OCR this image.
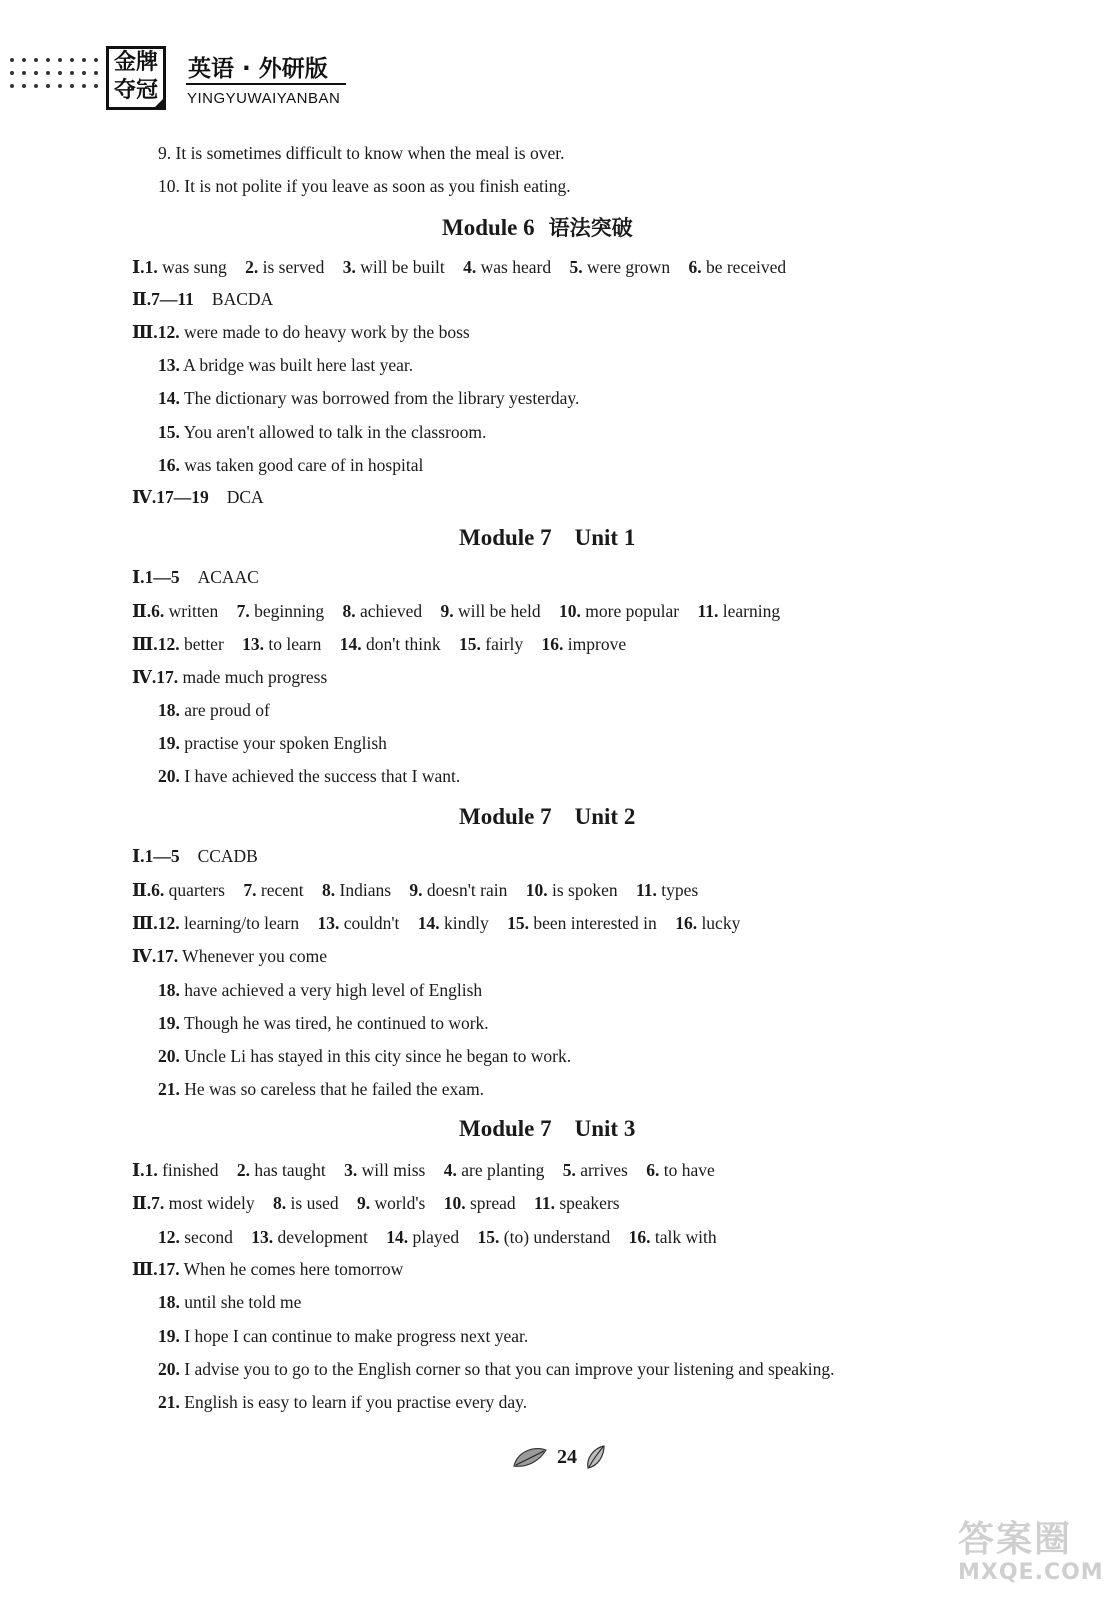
金牌
夺冠
英语 · 外研版
YINGYUWAIYANBAN
9. It is sometimes difficult to know when the meal is over.
10. It is not polite if you leave as soon as you finish eating.
Module 6 语法突破
Ⅰ.1. was sung 2. is served 3. will be built 4. was heard 5. were grown 6. be received
Ⅱ.7—11 BACDA
Ⅲ.12. were made to do heavy work by the boss
13. A bridge was built here last year.
14. The dictionary was borrowed from the library yesterday.
15. You aren't allowed to talk in the classroom.
16. was taken good care of in hospital
Ⅳ.17—19 DCA
Module 7    Unit 1
Ⅰ.1—5 ACAAC
Ⅱ.6. written 7. beginning 8. achieved 9. will be held 10. more popular 11. learning
Ⅲ.12. better 13. to learn 14. don't think 15. fairly 16. improve
Ⅳ.17. made much progress
18. are proud of
19. practise your spoken English
20. I have achieved the success that I want.
Module 7    Unit 2
Ⅰ.1—5 CCADB
Ⅱ.6. quarters 7. recent 8. Indians 9. doesn't rain 10. is spoken 11. types
Ⅲ.12. learning/to learn 13. couldn't 14. kindly 15. been interested in 16. lucky
Ⅳ.17. Whenever you come
18. have achieved a very high level of English
19. Though he was tired, he continued to work.
20. Uncle Li has stayed in this city since he began to work.
21. He was so careless that he failed the exam.
Module 7    Unit 3
Ⅰ.1. finished 2. has taught 3. will miss 4. are planting 5. arrives 6. to have
Ⅱ.7. most widely 8. is used 9. world's 10. spread 11. speakers
12. second 13. development 14. played 15. (to) understand 16. talk with
Ⅲ.17. When he comes here tomorrow
18. until she told me
19. I hope I can continue to make progress next year.
20. I advise you to go to the English corner so that you can improve your listening and speaking.
21. English is easy to learn if you practise every day.
24
答案圈
MXQE.COM
